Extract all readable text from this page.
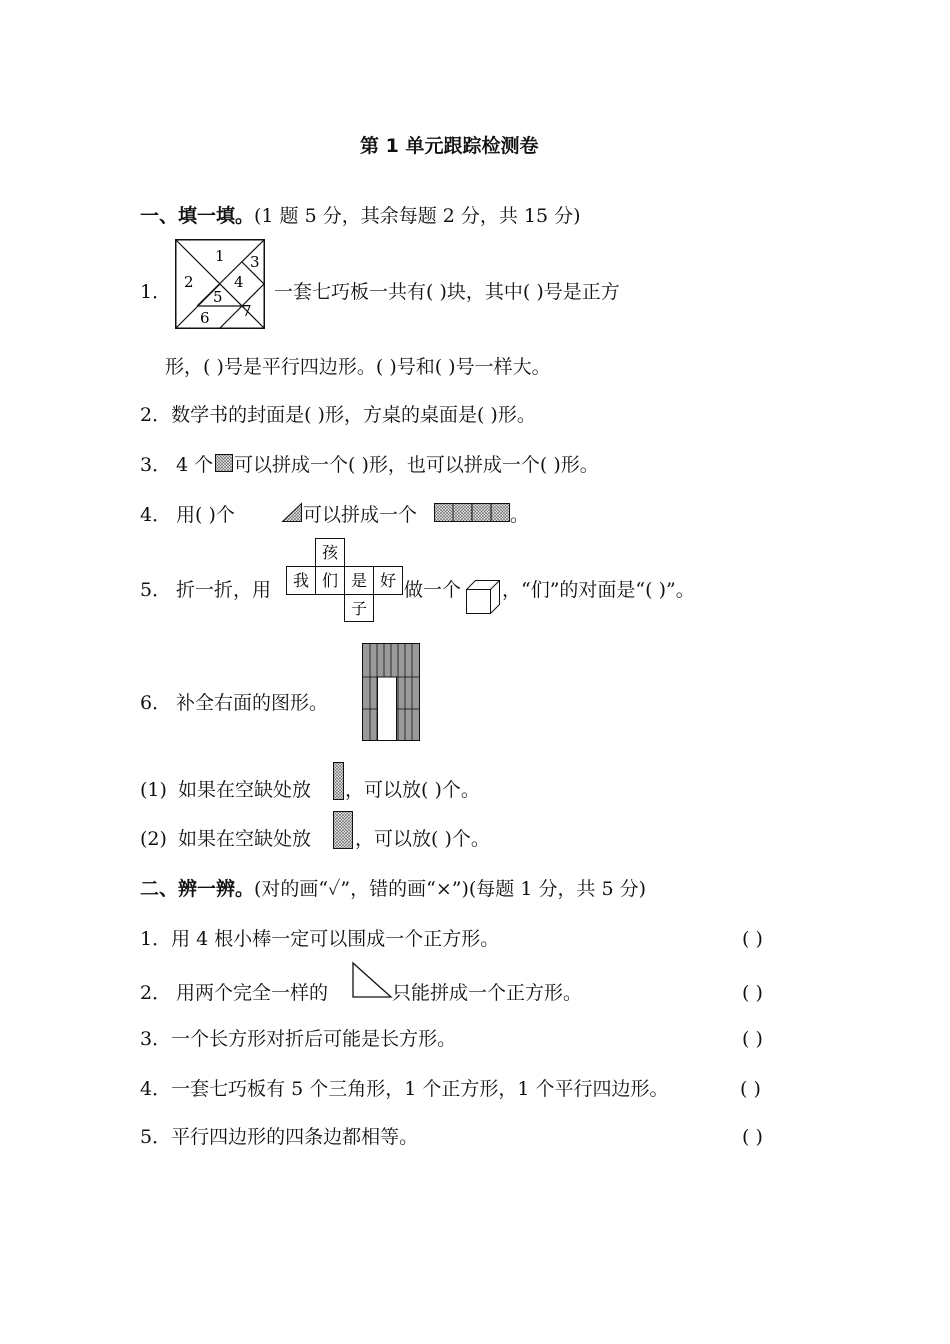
第 1 单元跟踪检测卷
一、填一填。(1 题 5 分，其余每题 2 分，共 15 分)
1．
1
2
3
4
5
6 7
一套七巧板一共有( )块，其中( )号是正方
形，( )号是平行四边形。( )号和( )号一样大。
2．数学书的封面是( )形，方桌的桌面是( )形。
3． 4 个 可以拼成一个( )形，也可以拼成一个( )形。
4． 用( )个	可以拼成一个	。
5． 折一折，用
孩
我 们 是 好
子
做一个 ，“们”的对面是“( )”。
6． 补全右面的图形。
(1) 如果在空缺处放 ，可以放( )个。
(2) 如果在空缺处放 ，可以放( )个。
二、辨一辨。(对的画“✓”，错的画“×”)(每题 1 分，共 5 分)
1．用 4 根小棒一定可以围成一个正方形。	( )
2． 用两个完全一样的	只能拼成一个正方形。	( )
3．一个长方形对折后可能是长方形。	( )
4．一套七巧板有 5 个三角形，1 个正方形，1 个平行四边形。	( )
5．平行四边形的四条边都相等。	( )
